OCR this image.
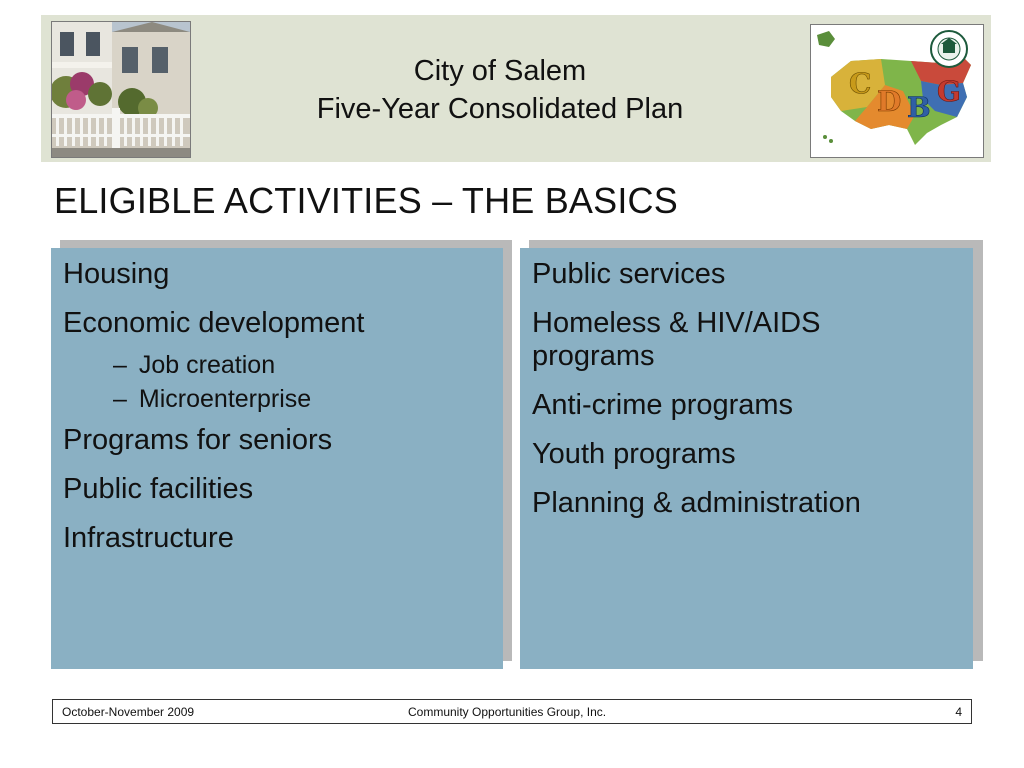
City of Salem
Five-Year Consolidated Plan
C
D B G
ELIGIBLE ACTIVITIES – THE BASICS
Housing
Economic development
– Job creation
– Microenterprise
Programs for seniors
Public facilities
Infrastructure
Public services
Homeless & HIV/AIDS programs
Anti-crime programs
Youth programs
Planning & administration
October-November 2009	Community Opportunities Group, Inc.	4
